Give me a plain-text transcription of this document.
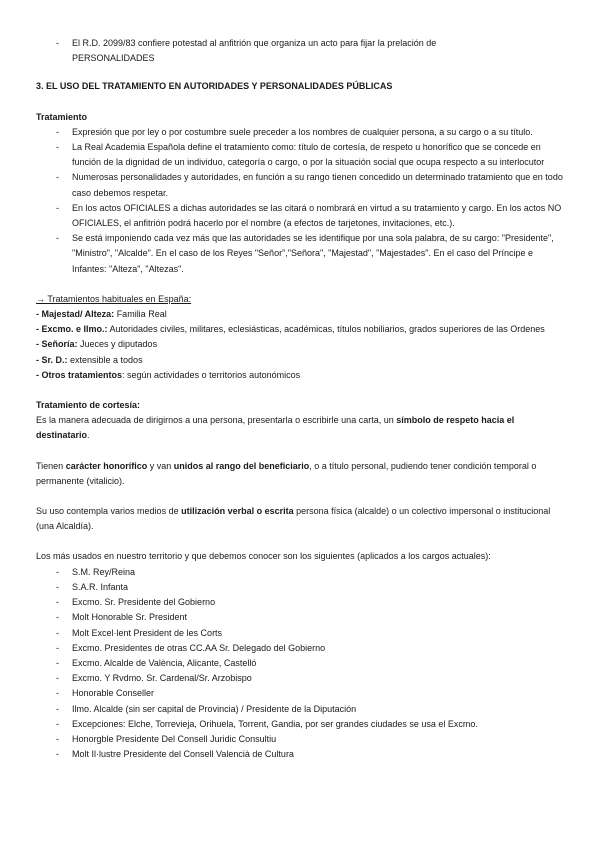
- El R.D. 2099/83 confiere potestad al anfitrión que organiza un acto para fijar la prelación de
PERSONALIDADES

3. EL USO DEL TRATAMIENTO EN AUTORIDADES Y PERSONALIDADES PÚBLICAS

Tratamiento

- Expresión que por ley o por costumbre suele preceder a los nombres de cualquier persona, a su cargo o a su título.
- La Real Academia Española define el tratamiento como: título de cortesía, de respeto u honorífico que se concede en función de la dignidad de un individuo, categoría o cargo, o por la situación social que ocupa respecto a su interlocutor
- Numerosas personalidades y autoridades, en función a su rango tienen concedido un determinado tratamiento que en todo caso debemos respetar.
- En los actos OFICIALES a dichas autoridades se las citará o nombrará en virtud a su tratamiento y cargo. En los actos NO OFICIALES, el anfitrión podrá hacerlo por el nombre (a efectos de tarjetones, invitaciones, etc.).
- Se está imponiendo cada vez más que las autoridades se les identifique por una sola palabra, de su cargo: "Presidente", "Ministro", "Alcalde". En el caso de los Reyes "Señor","Señora", "Majestad", "Majestades". En el caso del Príncipe e Infantes: "Alteza", "Altezas".

→ Tratamientos habituales en España:

- Majestad/ Alteza: Familia Real

- Excmo. e Ilmo.: Autoridades civiles, militares, eclesiásticas, académicas, títulos nobiliarios, grados superiores de las Ordenes

- Señoría: Jueces y diputados

- Sr. D.: extensible a todos

- Otros tratamientos: según actividades o territorios autonómicos

Tratamiento de cortesía:

Es la manera adecuada de dirigirnos a una persona, presentarla o escribirle una carta, un símbolo de respeto hacia el destinatario.

Tienen carácter honorífico y van unidos al rango del beneficiario, o a título personal, pudiendo tener condición temporal o permanente (vitalicio).

Su uso contempla varios medios de utilización verbal o escrita persona física (alcalde) o un colectivo impersonal o institucional (una Alcaldía).

Los más usados en nuestro territorio y que debemos conocer son los siguientes (aplicados a los cargos actuales):

- S.M. Rey/Reina
- S.A.R. Infanta
- Excmo. Sr. Presidente del Gobierno
- Molt Honorable Sr. President
- Molt Excel·lent President de les Corts
- Excmo. Presidentes de otras CC.AA Sr. Delegado del Gobierno
- Excmo. Alcalde de València, Alicante, Castelló
- Excmo. Y Rvdmo. Sr. Cardenal/Sr. Arzobispo
- Honorable Conseller
- Ilmo. Alcalde (sin ser capital de Provincia) / Presidente de la Diputación
- Excepciones: Elche, Torrevieja, Orihuela, Torrent, Gandia, por ser grandes ciudades se usa el Excmo.
- Honorgble Presidente Del Consell Juridic Consultiu
- Molt Il·lustre Presidente del Consell Valencià de Cultura
